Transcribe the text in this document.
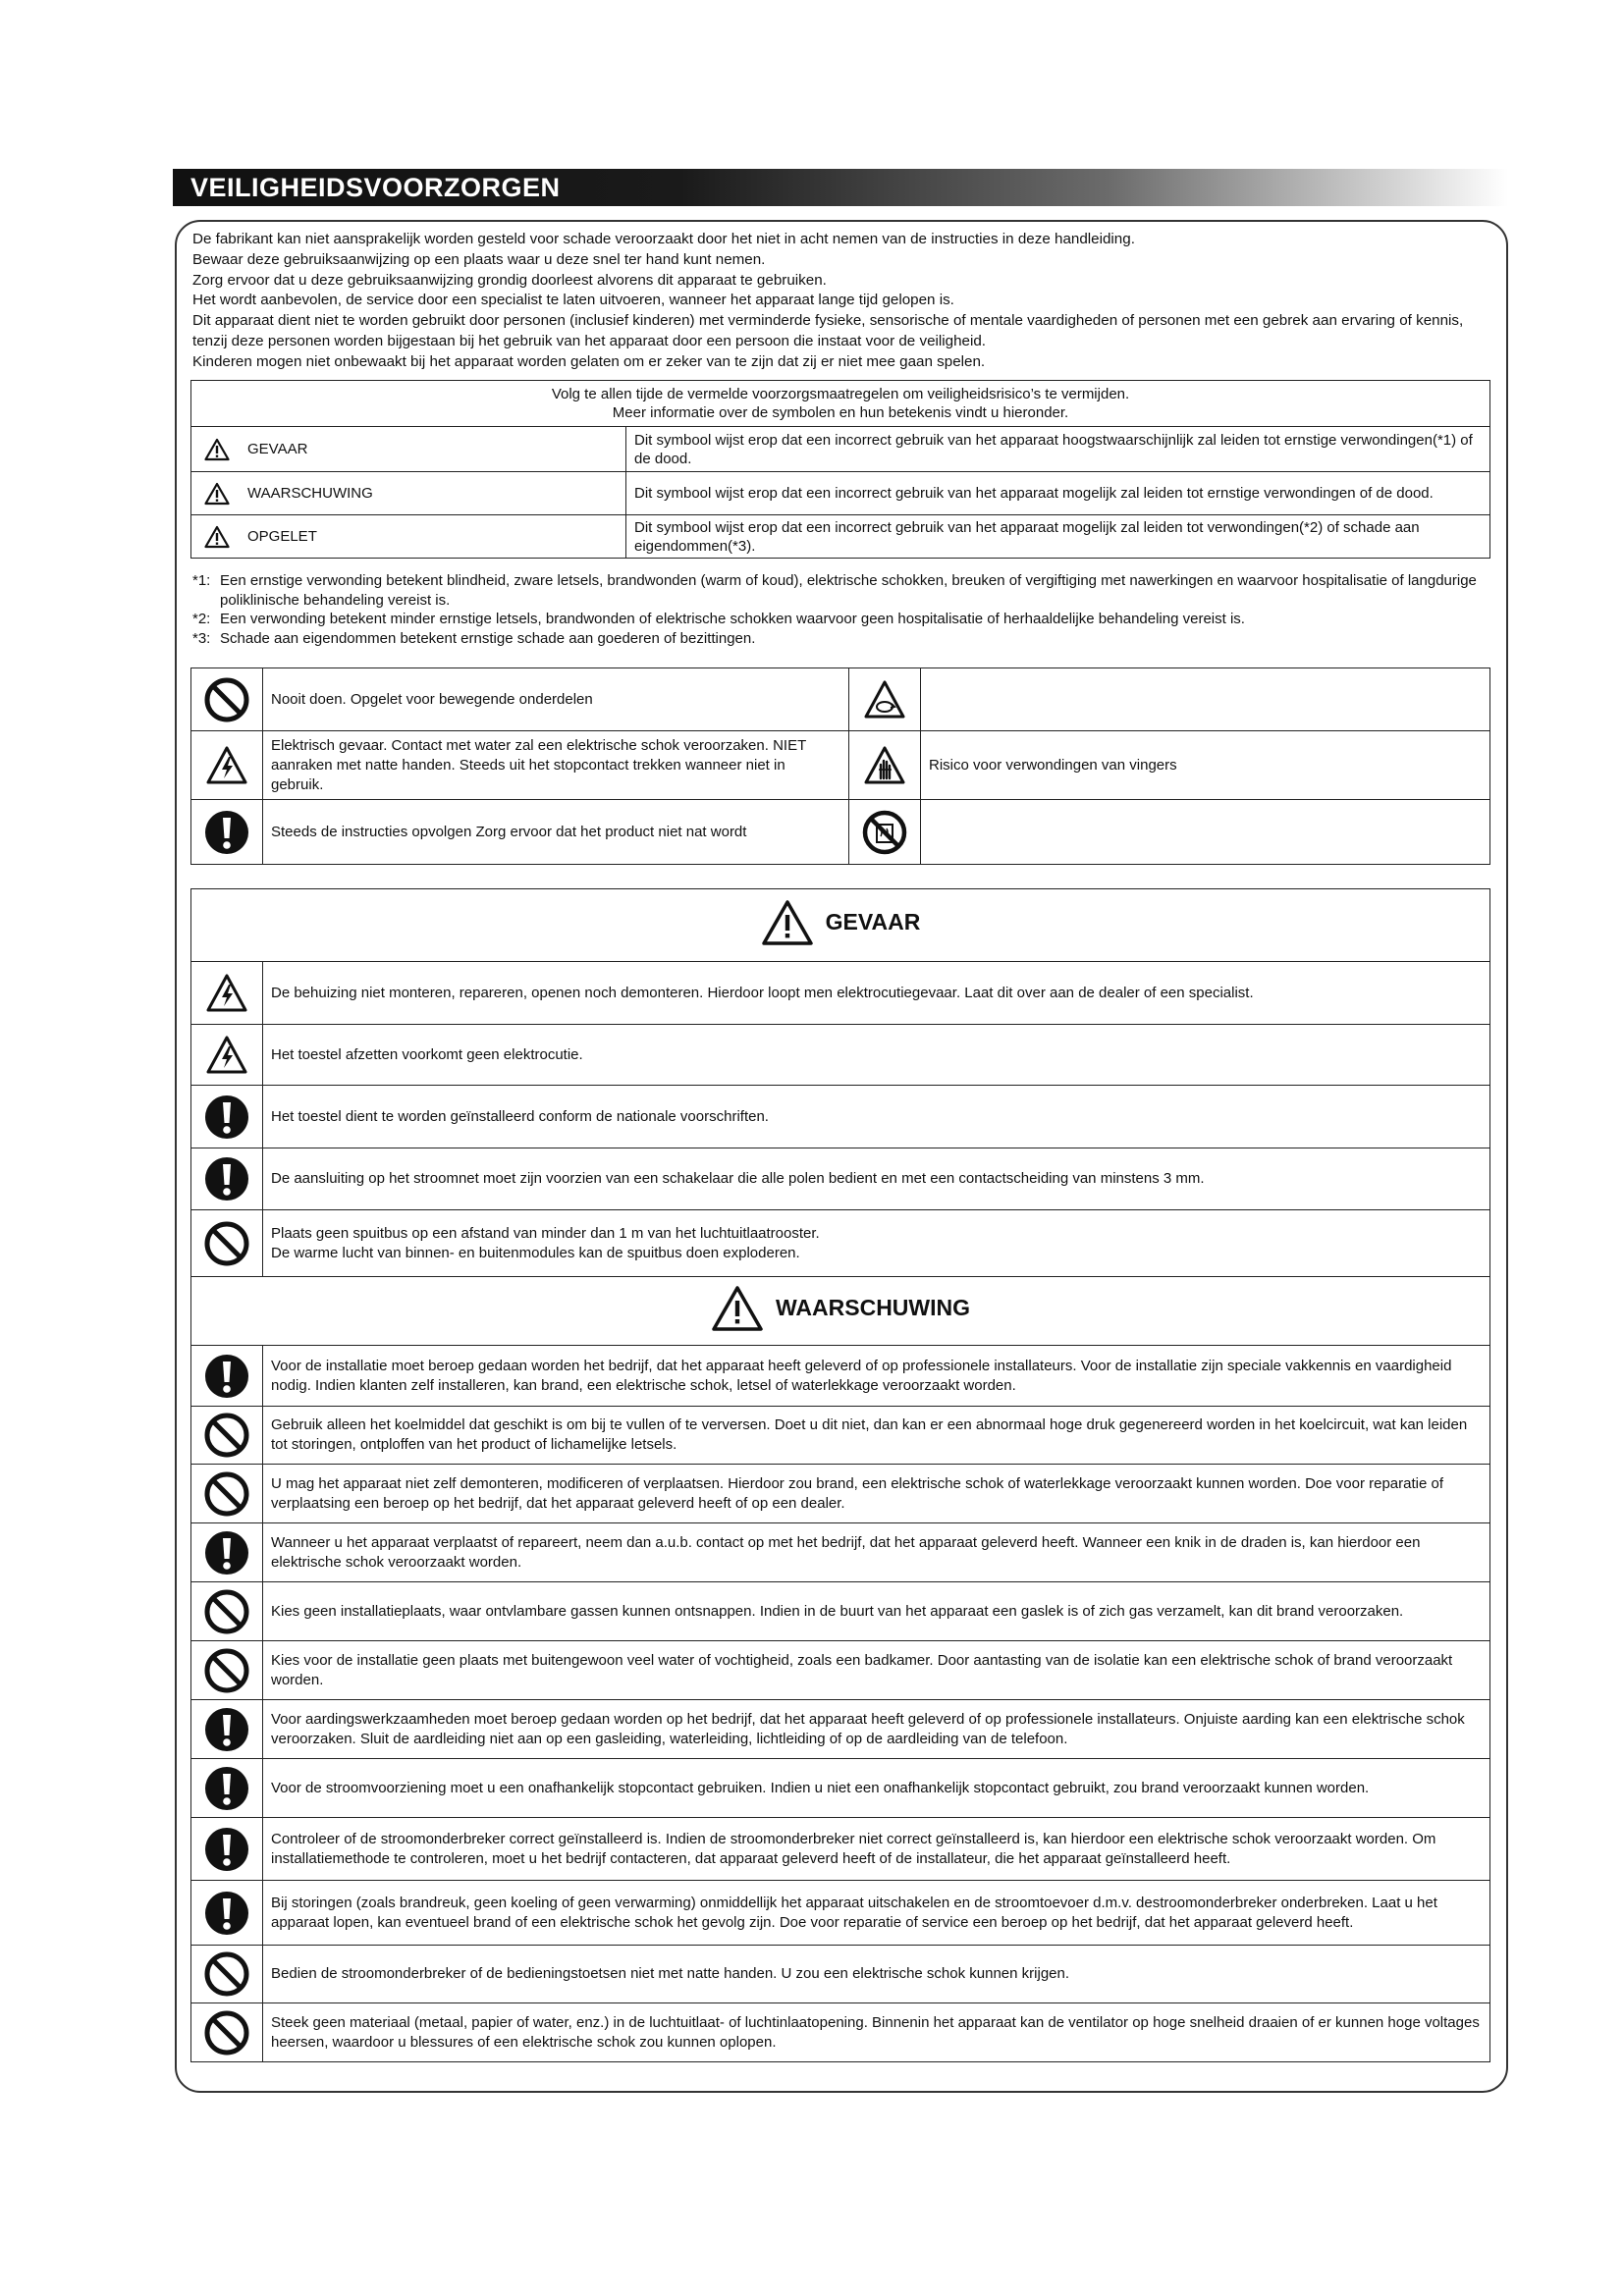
VEILIGHEIDSVOORZORGEN
De fabrikant kan niet aansprakelijk worden gesteld voor schade veroorzaakt door het niet in acht nemen van de instructies in deze handleiding.
Bewaar deze gebruiksaanwijzing op een plaats waar u deze snel ter hand kunt nemen.
Zorg ervoor dat u deze gebruiksaanwijzing grondig doorleest alvorens dit apparaat te gebruiken.
Het wordt aanbevolen, de service door een specialist te laten uitvoeren, wanneer het apparaat lange tijd gelopen is.
Dit apparaat dient niet te worden gebruikt door personen (inclusief kinderen) met verminderde fysieke, sensorische of mentale vaardigheden of personen met een gebrek aan ervaring of kennis, tenzij deze personen worden bijgestaan bij het gebruik van het apparaat door een persoon die instaat voor de veiligheid.
Kinderen mogen niet onbewaakt bij het apparaat worden gelaten om er zeker van te zijn dat zij er niet mee gaan spelen.
Volg te allen tijde de vermelde voorzorgsmaatregelen om veiligheidsrisico’s te vermijden.
Meer informatie over de symbolen en hun betekenis vindt u hieronder.	

GEVAAR	Dit symbool wijst erop dat een incorrect gebruik van het apparaat hoogstwaarschijnlijk zal leiden tot ernstige verwondingen(*1) of de dood.

WAARSCHUWING	Dit symbool wijst erop dat een incorrect gebruik van het apparaat mogelijk zal leiden tot ernstige verwondingen of de dood.

OPGELET	Dit symbool wijst erop dat een incorrect gebruik van het apparaat mogelijk zal leiden tot verwondingen(*2) of schade aan eigendommen(*3).
*1: Een ernstige verwonding betekent blindheid, zware letsels, brandwonden (warm of koud), elektrische schokken, breuken of vergiftiging met nawerkingen en waarvoor hospitalisatie of langdurige poliklinische behandeling vereist is.
*2: Een verwonding betekent minder ernstige letsels, brandwonden of elektrische schokken waarvoor geen hospitalisatie of herhaaldelijke behandeling vereist is.
*3: Schade aan eigendommen betekent ernstige schade aan goederen of bezittingen.
	Nooit doen. Opgelet voor bewegende onderdelen	

	Elektrisch gevaar. Contact met water zal een elektrische schok veroorzaken. NIET aanraken met natte handen. Steeds uit het stopcontact trekken wanneer niet in gebruik.		Risico voor verwondingen van vingers

	Steeds de instructies opvolgen Zorg ervoor dat het product niet nat wordt	

GEVAAR	

	De behuizing niet monteren, repareren, openen noch demonteren. Hierdoor loopt men elektrocutiegevaar. Laat dit over aan de dealer of een specialist.

	Het toestel afzetten voorkomt geen elektrocutie.

	Het toestel dient te worden geïnstalleerd conform de nationale voorschriften.

	De aansluiting op het stroomnet moet zijn voorzien van een schakelaar die alle polen bedient en met een contactscheiding van minstens 3 mm.

Plaats geen spuitbus op een afstand van minder dan 1 m van het luchtuitlaatrooster.
De warme lucht van binnen- en buitenmodules kan de spuitbus doen exploderen.

WAARSCHUWING	

	Voor de installatie moet beroep gedaan worden het bedrijf, dat het apparaat heeft geleverd of op professionele installateurs. Voor de installatie zijn speciale vakkennis en vaardigheid nodig. Indien klanten zelf installeren, kan brand, een elektrische schok, letsel of waterlekkage veroorzaakt worden.

	Gebruik alleen het koelmiddel dat geschikt is om bij te vullen of te verversen. Doet u dit niet, dan kan er een abnormaal hoge druk gegenereerd worden in het koelcircuit, wat kan leiden tot storingen, ontploffen van het product of lichamelijke letsels.

	U mag het apparaat niet zelf demonteren, modificeren of verplaatsen. Hierdoor zou brand, een elektrische schok of waterlekkage veroorzaakt kunnen worden. Doe voor reparatie of verplaatsing een beroep op het bedrijf, dat het apparaat geleverd heeft of op een dealer.

	Wanneer u het apparaat verplaatst of repareert, neem dan a.u.b. contact op met het bedrijf, dat het apparaat geleverd heeft. Wanneer een knik in de draden is, kan hierdoor een elektrische schok veroorzaakt worden.

	Kies geen installatieplaats, waar ontvlambare gassen kunnen ontsnappen. Indien in de buurt van het apparaat een gaslek is of zich gas verzamelt, kan dit brand veroorzaken.

	Kies voor de installatie geen plaats met buitengewoon veel water of vochtigheid, zoals een badkamer. Door aantasting van de isolatie kan een elektrische schok of brand veroorzaakt worden.

	Voor aardingswerkzaamheden moet beroep gedaan worden op het bedrijf, dat het apparaat heeft geleverd of op professionele installateurs. Onjuiste aarding kan een elektrische schok veroorzaken. Sluit de aardleiding niet aan op een gasleiding, waterleiding, lichtleiding of op de aardleiding van de telefoon.

	Voor de stroomvoorziening moet u een onafhankelijk stopcontact gebruiken. Indien u niet een onafhankelijk stopcontact gebruikt, zou brand veroorzaakt kunnen worden.

	Controleer of de stroomonderbreker correct geïnstalleerd is. Indien de stroomonderbreker niet correct geïnstalleerd is, kan hierdoor een elektrische schok veroorzaakt worden. Om installatiemethode te controleren, moet u het bedrijf contacteren, dat apparaat geleverd heeft of de installateur, die het apparaat geïnstalleerd heeft.

	Bij storingen (zoals brandreuk, geen koeling of geen verwarming) onmiddellijk het apparaat uitschakelen en de stroomtoevoer d.m.v. destroomonderbreker onderbreken. Laat u het apparaat lopen, kan eventueel brand of een elektrische schok het gevolg zijn. Doe voor reparatie of service een beroep op het bedrijf, dat het apparaat geleverd heeft.

	Bedien de stroomonderbreker of de bedieningstoetsen niet met natte handen. U zou een elektrische schok kunnen krijgen.

	Steek geen materiaal (metaal, papier of water, enz.) in de luchtuitlaat- of luchtinlaatopening. Binnenin het apparaat kan de ventilator op hoge snelheid draaien of er kunnen hoge voltages heersen, waardoor u blessures of een elektrische schok zou kunnen oplopen.
